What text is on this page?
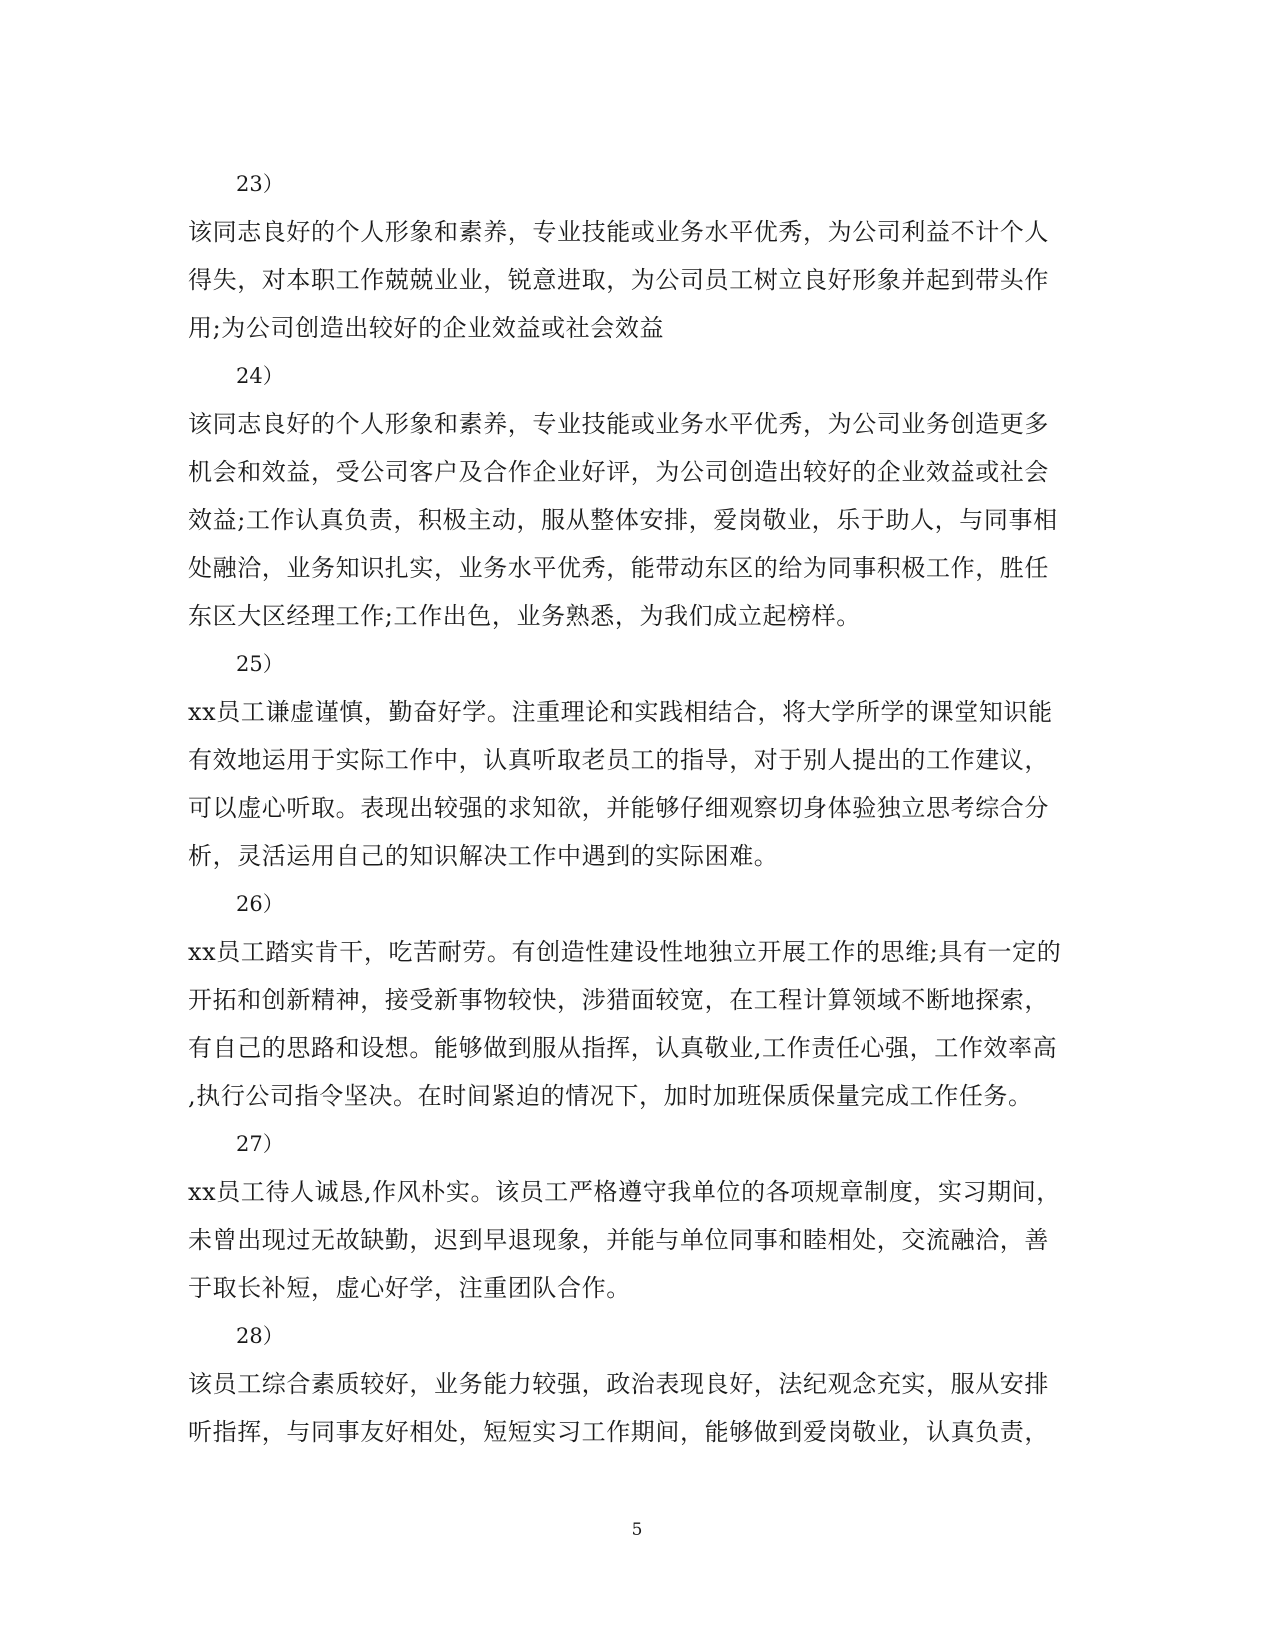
23）
该同志良好的个人形象和素养，专业技能或业务水平优秀，为公司利益不计个人
得失，对本职工作兢兢业业，锐意进取，为公司员工树立良好形象并起到带头作
用;为公司创造出较好的企业效益或社会效益
24）
该同志良好的个人形象和素养，专业技能或业务水平优秀，为公司业务创造更多
机会和效益，受公司客户及合作企业好评，为公司创造出较好的企业效益或社会
效益;工作认真负责，积极主动，服从整体安排，爱岗敬业，乐于助人，与同事相
处融洽，业务知识扎实，业务水平优秀，能带动东区的给为同事积极工作，胜任
东区大区经理工作;工作出色，业务熟悉，为我们成立起榜样。
25）
xx员工谦虚谨慎，勤奋好学。注重理论和实践相结合，将大学所学的课堂知识能
有效地运用于实际工作中，认真听取老员工的指导，对于别人提出的工作建议，
可以虚心听取。表现出较强的求知欲，并能够仔细观察切身体验独立思考综合分
析，灵活运用自己的知识解决工作中遇到的实际困难。
26）
xx员工踏实肯干，吃苦耐劳。有创造性建设性地独立开展工作的思维;具有一定的
开拓和创新精神，接受新事物较快，涉猎面较宽，在工程计算领域不断地探索，
有自己的思路和设想。能够做到服从指挥，认真敬业,工作责任心强，工作效率高
,执行公司指令坚决。在时间紧迫的情况下，加时加班保质保量完成工作任务。
27）
xx员工待人诚恳,作风朴实。该员工严格遵守我单位的各项规章制度，实习期间，
未曾出现过无故缺勤，迟到早退现象，并能与单位同事和睦相处，交流融洽，善
于取长补短，虚心好学，注重团队合作。
28）
该员工综合素质较好，业务能力较强，政治表现良好，法纪观念充实，服从安排
听指挥，与同事友好相处，短短实习工作期间，能够做到爱岗敬业，认真负责，
5
